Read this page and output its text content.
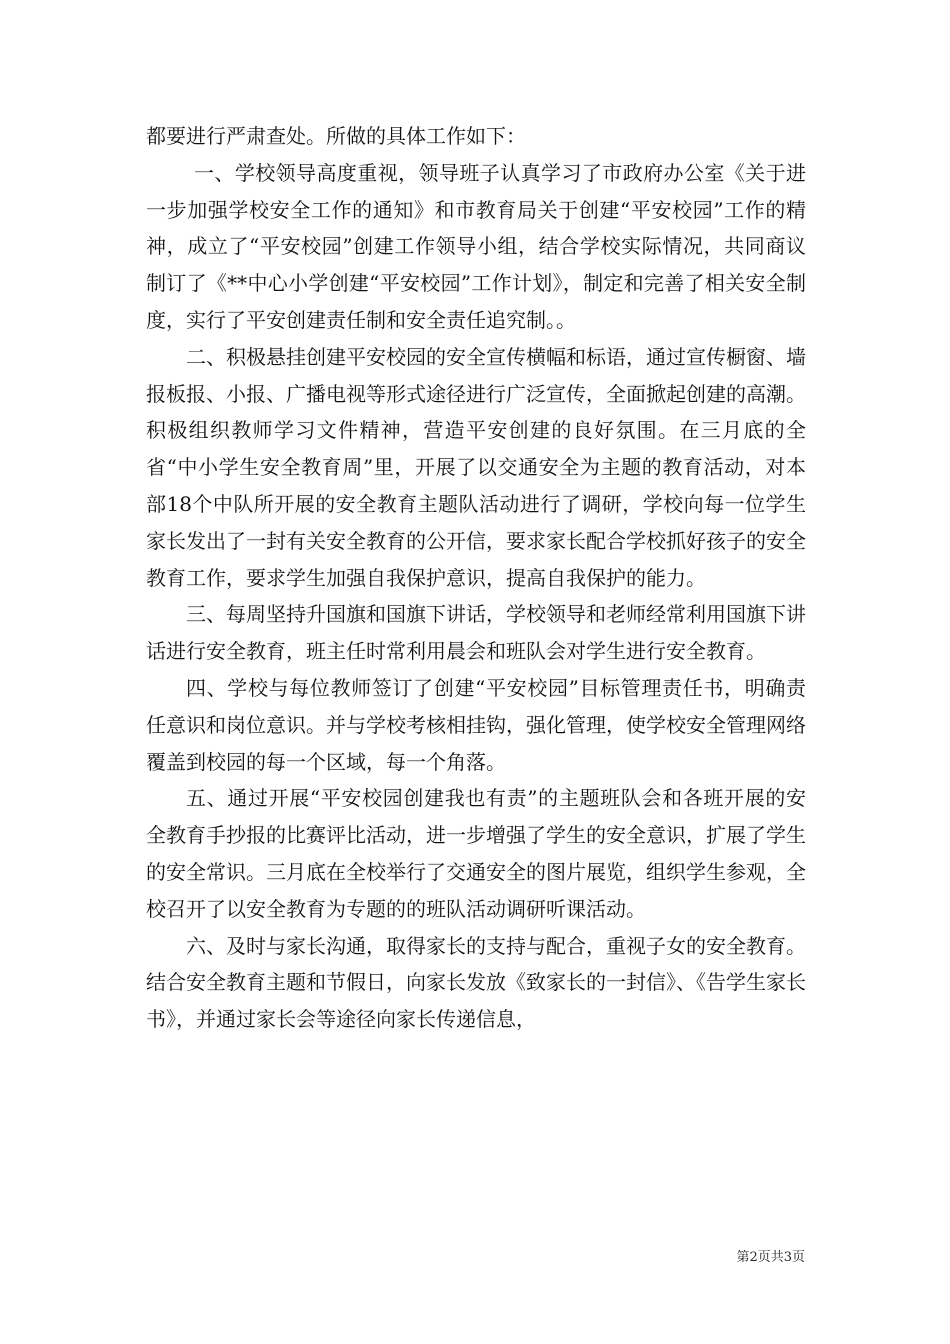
都要进行严肃查处。所做的具体工作如下：

一、学校领导高度重视，领导班子认真学习了市政府办公室《关于进一步加强学校安全工作的通知》和市教育局关于创建“平安校园”工作的精神，成立了“平安校园”创建工作领导小组，结合学校实际情况，共同商议制订了《**中心小学创建“平安校园”工作计划》，制定和完善了相关安全制度，实行了平安创建责任制和安全责任追究制。。

二、积极悬挂创建平安校园的安全宣传横幅和标语，通过宣传橱窗、墙报板报、小报、广播电视等形式途径进行广泛宣传，全面掀起创建的高潮。积极组织教师学习文件精神，营造平安创建的良好氛围。在三月底的全省“中小学生安全教育周”里，开展了以交通安全为主题的教育活动，对本部18个中队所开展的安全教育主题队活动进行了调研，学校向每一位学生家长发出了一封有关安全教育的公开信，要求家长配合学校抓好孩子的安全教育工作，要求学生加强自我保护意识，提高自我保护的能力。

三、每周坚持升国旗和国旗下讲话，学校领导和老师经常利用国旗下讲话进行安全教育，班主任时常利用晨会和班队会对学生进行安全教育。

四、学校与每位教师签订了创建“平安校园”目标管理责任书，明确责任意识和岗位意识。并与学校考核相挂钩，强化管理，使学校安全管理网络覆盖到校园的每一个区域，每一个角落。

五、通过开展“平安校园创建我也有责”的主题班队会和各班开展的安全教育手抄报的比赛评比活动，进一步增强了学生的安全意识，扩展了学生的安全常识。三月底在全校举行了交通安全的图片展览，组织学生参观，全校召开了以安全教育为专题的的班队活动调研听课活动。

六、及时与家长沟通，取得家长的支持与配合，重视子女的安全教育。结合安全教育主题和节假日，向家长发放《致家长的一封信》、《告学生家长书》，并通过家长会等途径向家长传递信息，

第2页共3页
